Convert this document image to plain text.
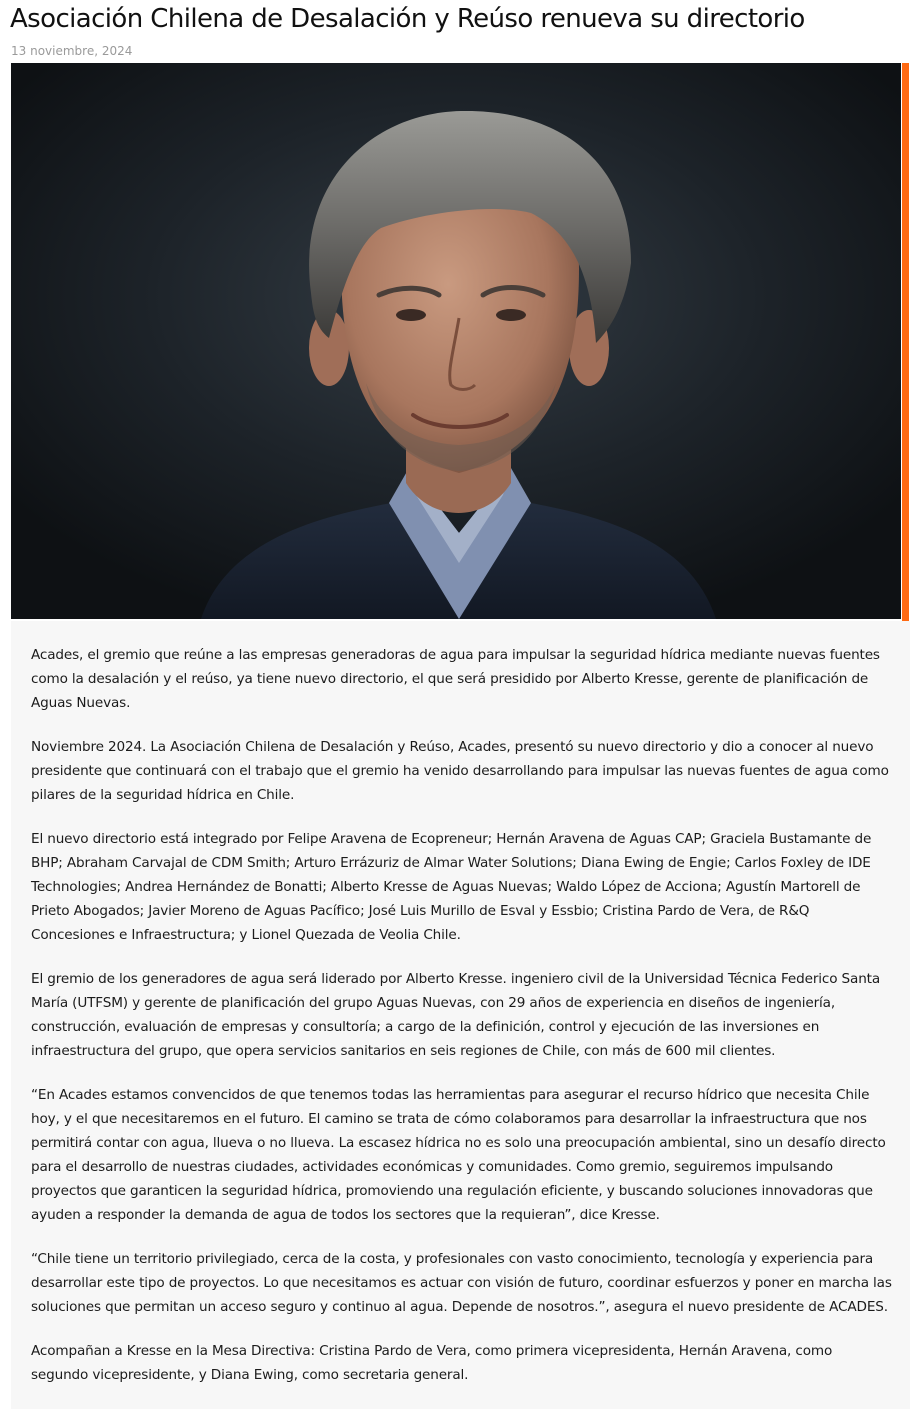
Asociación Chilena de Desalación y Reúso renueva su directorio
13 noviembre, 2024

Acades, el gremio que reúne a las empresas generadoras de agua para impulsar la seguridad hídrica mediante nuevas fuentes como la desalación y el reúso, ya tiene nuevo directorio, el que será presidido por Alberto Kresse, gerente de planificación de Aguas Nuevas.

Noviembre 2024. La Asociación Chilena de Desalación y Reúso, Acades, presentó su nuevo directorio y dio a conocer al nuevo presidente que continuará con el trabajo que el gremio ha venido desarrollando para impulsar las nuevas fuentes de agua como pilares de la seguridad hídrica en Chile.

El nuevo directorio está integrado por Felipe Aravena de Ecopreneur; Hernán Aravena de Aguas CAP; Graciela Bustamante de BHP; Abraham Carvajal de CDM Smith; Arturo Errázuriz de Almar Water Solutions; Diana Ewing de Engie; Carlos Foxley de IDE Technologies; Andrea Hernández de Bonatti; Alberto Kresse de Aguas Nuevas; Waldo López de Acciona; Agustín Martorell de Prieto Abogados; Javier Moreno de Aguas Pacífico; José Luis Murillo de Esval y Essbio; Cristina Pardo de Vera, de R&Q Concesiones e Infraestructura; y Lionel Quezada de Veolia Chile.

El gremio de los generadores de agua será liderado por Alberto Kresse. ingeniero civil de la Universidad Técnica Federico Santa María (UTFSM) y gerente de planificación del grupo Aguas Nuevas, con 29 años de experiencia en diseños de ingeniería, construcción, evaluación de empresas y consultoría; a cargo de la definición, control y ejecución de las inversiones en infraestructura del grupo, que opera servicios sanitarios en seis regiones de Chile, con más de 600 mil clientes.

“En Acades estamos convencidos de que tenemos todas las herramientas para asegurar el recurso hídrico que necesita Chile hoy, y el que necesitaremos en el futuro. El camino se trata de cómo colaboramos para desarrollar la infraestructura que nos permitirá contar con agua, llueva o no llueva. La escasez hídrica no es solo una preocupación ambiental, sino un desafío directo para el desarrollo de nuestras ciudades, actividades económicas y comunidades. Como gremio, seguiremos impulsando proyectos que garanticen la seguridad hídrica, promoviendo una regulación eficiente, y buscando soluciones innovadoras que ayuden a responder la demanda de agua de todos los sectores que la requieran”, dice Kresse.

“Chile tiene un territorio privilegiado, cerca de la costa, y profesionales con vasto conocimiento, tecnología y experiencia para desarrollar este tipo de proyectos. Lo que necesitamos es actuar con visión de futuro, coordinar esfuerzos y poner en marcha las soluciones que permitan un acceso seguro y continuo al agua. Depende de nosotros.”, asegura el nuevo presidente de ACADES.

Acompañan a Kresse en la Mesa Directiva: Cristina Pardo de Vera, como primera vicepresidenta, Hernán Aravena, como segundo vicepresidente, y Diana Ewing, como secretaria general.
